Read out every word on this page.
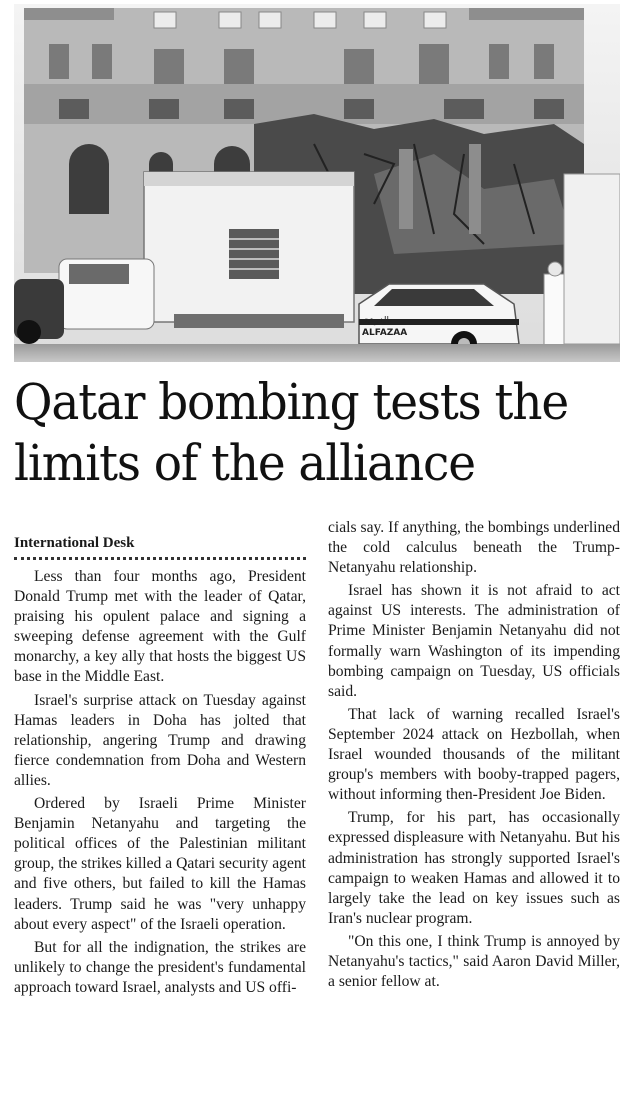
الفزعة
ALFAZAA
Qatar bombing tests the
limits of the alliance
International Desk

Less than four months ago, President Donald Trump met with the leader of Qatar, praising his opulent palace and signing a sweeping defense agreement with the Gulf monarchy, a key ally that hosts the biggest US base in the Middle East.

Israel's surprise attack on Tuesday against Hamas leaders in Doha has jolted that relationship, angering Trump and drawing fierce condemnation from Doha and Western allies.

Ordered by Israeli Prime Minister Benjamin Netanyahu and targeting the political offices of the Palestinian militant group, the strikes killed a Qatari security agent and five others, but failed to kill the Hamas leaders. Trump said he was "very unhappy about every aspect" of the Israeli operation.

But for all the indignation, the strikes are unlikely to change the president's fundamental approach toward Israel, analysts and US offi-

cials say. If anything, the bombings underlined the cold calculus beneath the Trump-Netanyahu relationship.

Israel has shown it is not afraid to act against US interests. The administration of Prime Minister Benjamin Netanyahu did not formally warn Washington of its impending bombing campaign on Tuesday, US officials said.

That lack of warning recalled Israel's September 2024 attack on Hezbollah, when Israel wounded thousands of the militant group's members with booby-trapped pagers, without informing then-President Joe Biden.

Trump, for his part, has occasionally expressed displeasure with Netanyahu. But his administration has strongly supported Israel's campaign to weaken Hamas and allowed it to largely take the lead on key issues such as Iran's nuclear program.

"On this one, I think Trump is annoyed by Netanyahu's tactics," said Aaron David Miller, a senior fellow at.
